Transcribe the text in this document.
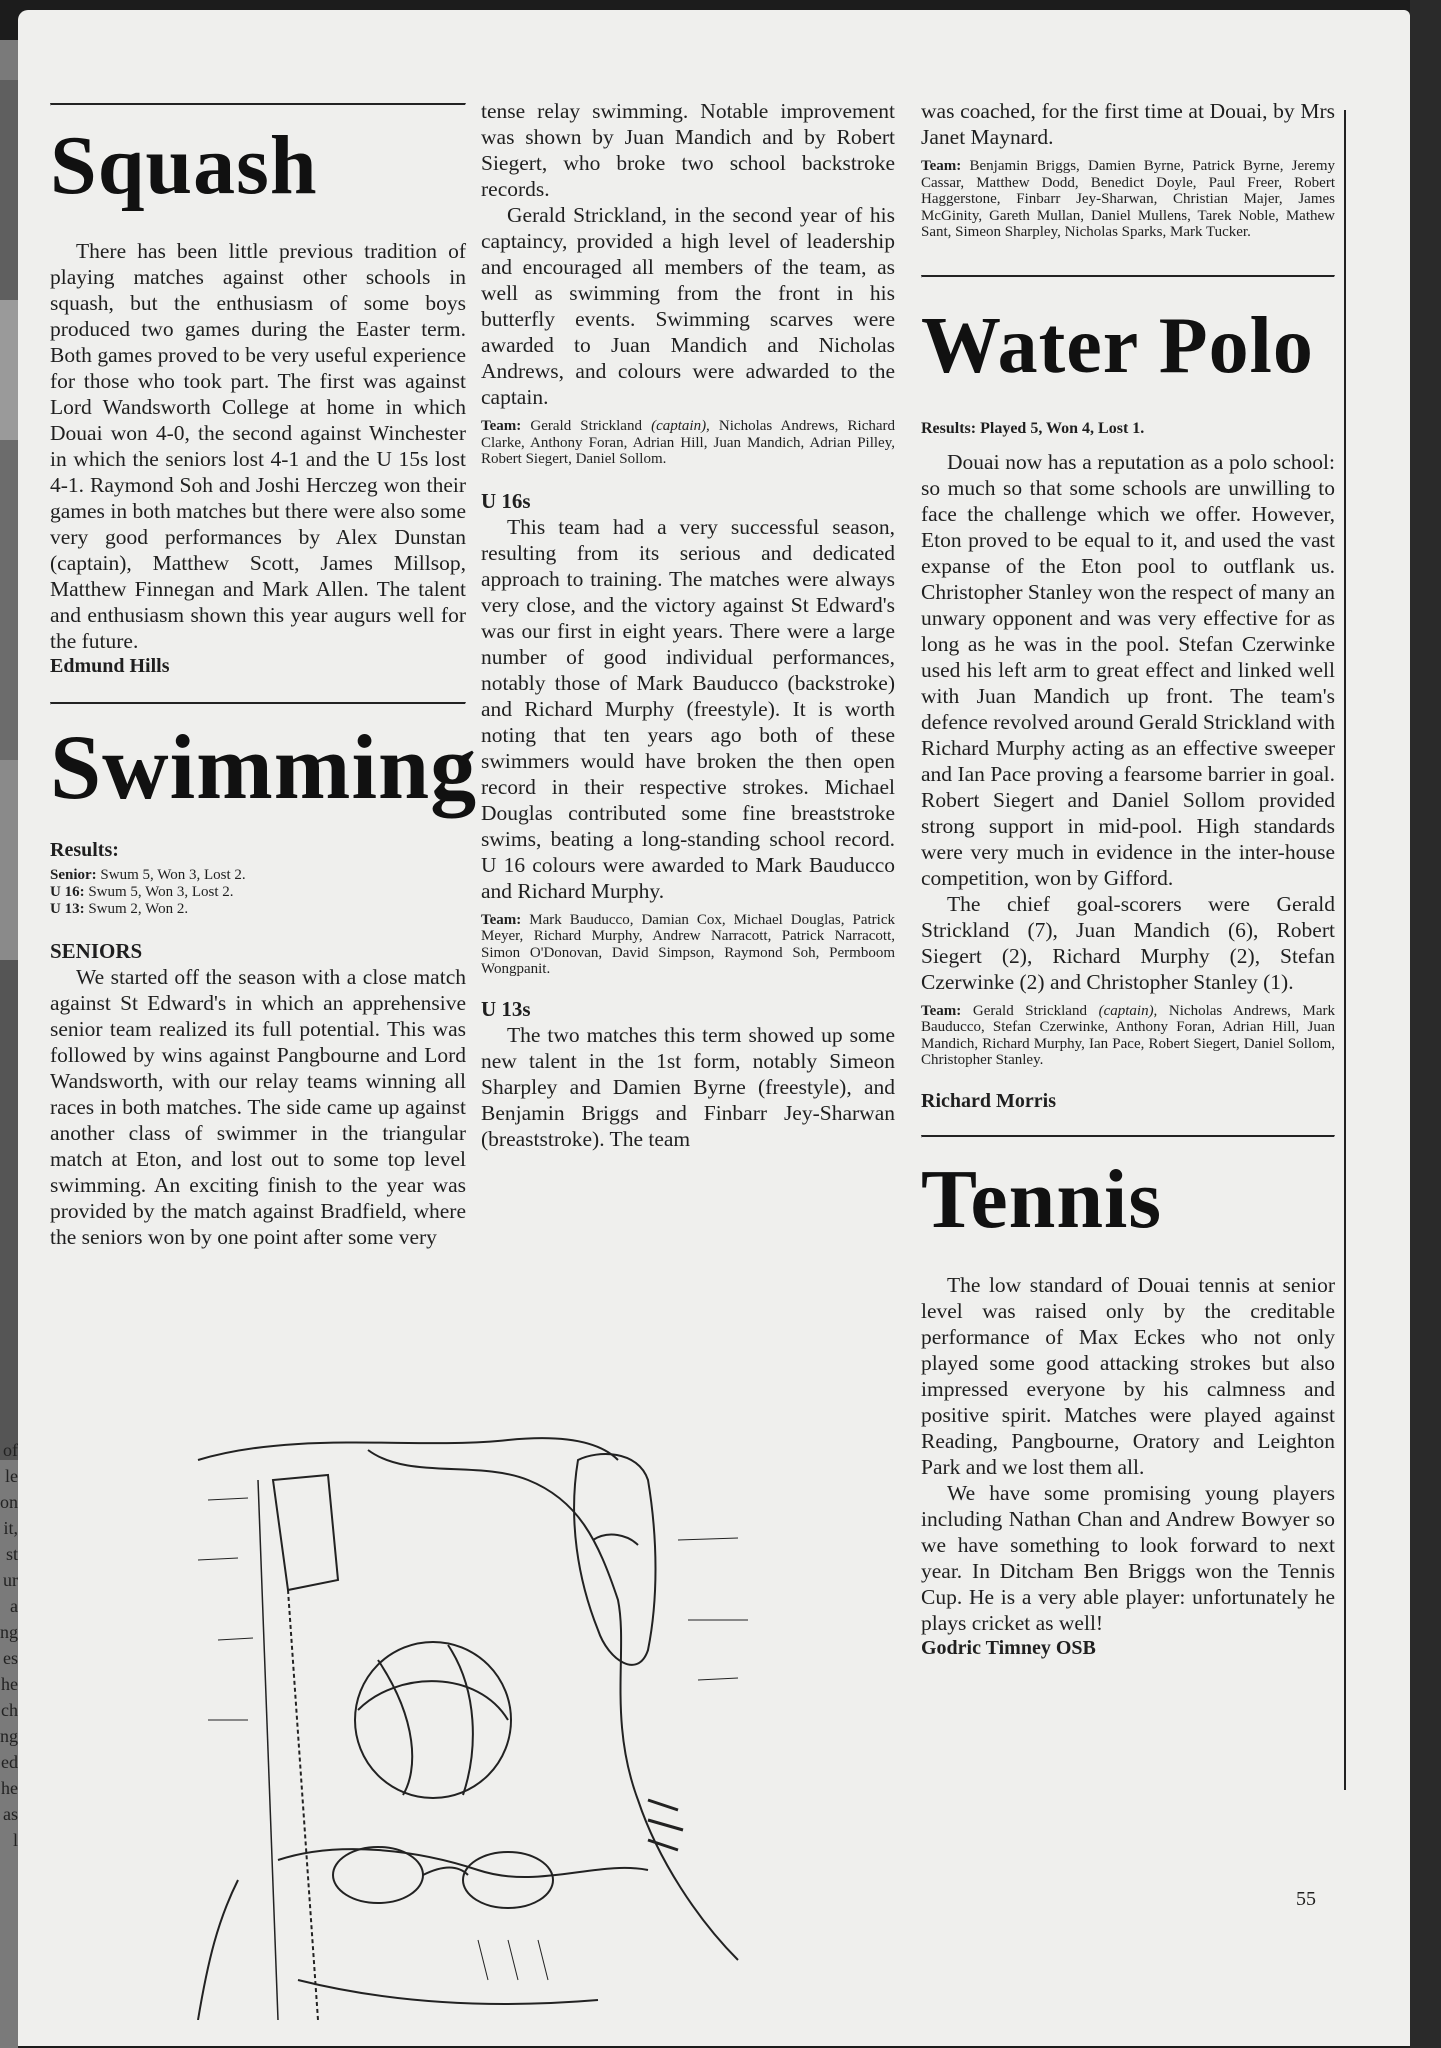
of
le
on
it,
st
ur
a
ng
es
he
ch
ng
ed
he
as
l
Squash

There has been little previous tradition of playing matches against other schools in squash, but the enthusiasm of some boys produced two games during the Easter term. Both games proved to be very useful experience for those who took part. The first was against Lord Wandsworth College at home in which Douai won 4-0, the second against Winchester in which the seniors lost 4-1 and the U 15s lost 4-1. Raymond Soh and Joshi Herczeg won their games in both matches but there were also some very good performances by Alex Dunstan (captain), Matthew Scott, James Millsop, Matthew Finnegan and Mark Allen. The talent and enthusiasm shown this year augurs well for the future.

Edmund Hills

Swimming

Results:

Senior: Swum 5, Won 3, Lost 2.

U 16: Swum 5, Won 3, Lost 2.

U 13: Swum 2, Won 2.

SENIORS

We started off the season with a close match against St Edward's in which an apprehensive senior team realized its full potential. This was followed by wins against Pangbourne and Lord Wandsworth, with our relay teams winning all races in both matches. The side came up against another class of swimmer in the triangular match at Eton, and lost out to some top level swimming. An exciting finish to the year was provided by the match against Bradfield, where the seniors won by one point after some very

tense relay swimming. Notable improvement was shown by Juan Mandich and by Robert Siegert, who broke two school backstroke records.

Gerald Strickland, in the second year of his captaincy, provided a high level of leadership and encouraged all members of the team, as well as swimming from the front in his butterfly events. Swimming scarves were awarded to Juan Mandich and Nicholas Andrews, and colours were adwarded to the captain.

Team: Gerald Strickland (captain), Nicholas Andrews, Richard Clarke, Anthony Foran, Adrian Hill, Juan Mandich, Adrian Pilley, Robert Siegert, Daniel Sollom.

U 16s

This team had a very successful season, resulting from its serious and dedicated approach to training. The matches were always very close, and the victory against St Edward's was our first in eight years. There were a large number of good individual performances, notably those of Mark Bauducco (backstroke) and Richard Murphy (freestyle). It is worth noting that ten years ago both of these swimmers would have broken the then open record in their respective strokes. Michael Douglas contributed some fine breaststroke swims, beating a long-standing school record. U 16 colours were awarded to Mark Bauducco and Richard Murphy.

Team: Mark Bauducco, Damian Cox, Michael Douglas, Patrick Meyer, Richard Murphy, Andrew Narracott, Patrick Narracott, Simon O'Donovan, David Simpson, Raymond Soh, Permboom Wongpanit.

U 13s

The two matches this term showed up some new talent in the 1st form, notably Simeon Sharpley and Damien Byrne (freestyle), and Benjamin Briggs and Finbarr Jey-Sharwan (breaststroke). The team

was coached, for the first time at Douai, by Mrs Janet Maynard.

Team: Benjamin Briggs, Damien Byrne, Patrick Byrne, Jeremy Cassar, Matthew Dodd, Benedict Doyle, Paul Freer, Robert Haggerstone, Finbarr Jey-Sharwan, Christian Majer, James McGinity, Gareth Mullan, Daniel Mullens, Tarek Noble, Mathew Sant, Simeon Sharpley, Nicholas Sparks, Mark Tucker.

Water Polo

Results: Played 5, Won 4, Lost 1.

Douai now has a reputation as a polo school: so much so that some schools are unwilling to face the challenge which we offer. However, Eton proved to be equal to it, and used the vast expanse of the Eton pool to outflank us. Christopher Stanley won the respect of many an unwary opponent and was very effective for as long as he was in the pool. Stefan Czerwinke used his left arm to great effect and linked well with Juan Mandich up front. The team's defence revolved around Gerald Strickland with Richard Murphy acting as an effective sweeper and Ian Pace proving a fearsome barrier in goal. Robert Siegert and Daniel Sollom provided strong support in mid-pool. High standards were very much in evidence in the inter-house competition, won by Gifford.

The chief goal-scorers were Gerald Strickland (7), Juan Mandich (6), Robert Siegert (2), Richard Murphy (2), Stefan Czerwinke (2) and Christopher Stanley (1).

Team: Gerald Strickland (captain), Nicholas Andrews, Mark Bauducco, Stefan Czerwinke, Anthony Foran, Adrian Hill, Juan Mandich, Richard Murphy, Ian Pace, Robert Siegert, Daniel Sollom, Christopher Stanley.

Richard Morris

Tennis

The low standard of Douai tennis at senior level was raised only by the creditable performance of Max Eckes who not only played some good attacking strokes but also impressed everyone by his calmness and positive spirit. Matches were played against Reading, Pangbourne, Oratory and Leighton Park and we lost them all.

We have some promising young players including Nathan Chan and Andrew Bowyer so we have something to look forward to next year. In Ditcham Ben Briggs won the Tennis Cup. He is a very able player: unfortunately he plays cricket as well!

Godric Timney OSB

55
